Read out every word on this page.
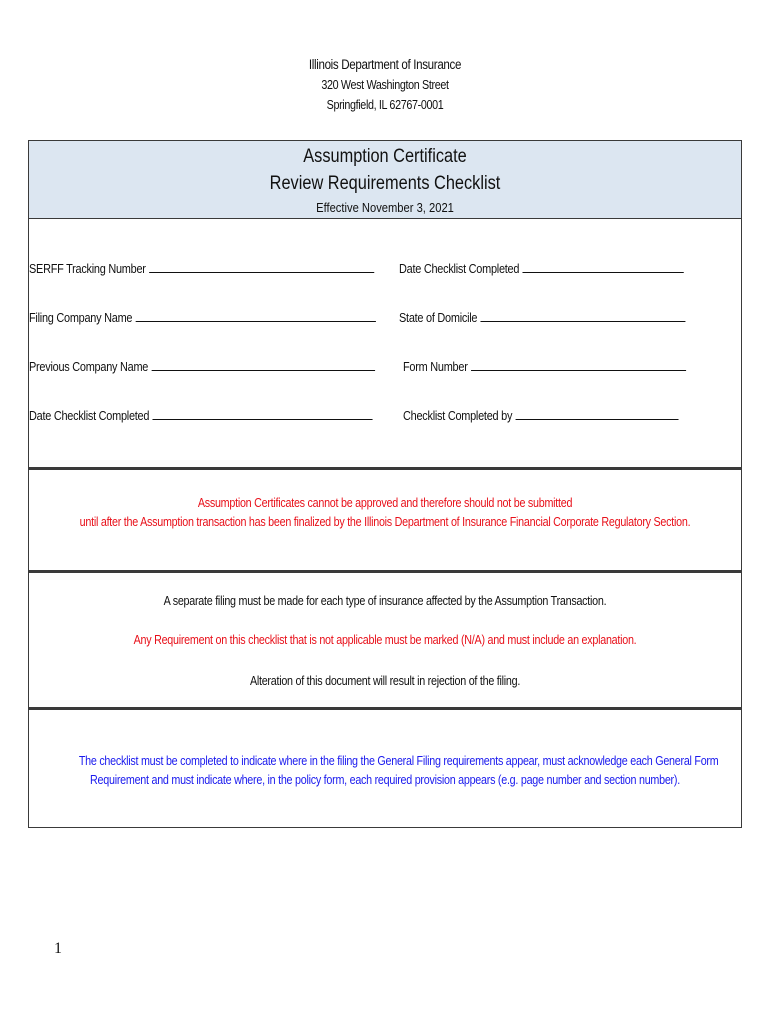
Illinois Department of Insurance
320 West Washington Street
Springfield, IL 62767-0001
Assumption Certificate
Review Requirements Checklist
Effective November 3, 2021
SERFF Tracking Number	Date Checklist Completed
Filing Company Name	State of Domicile
Previous Company Name	Form Number
Date Checklist Completed	Checklist Completed by
Assumption Certificates cannot be approved and therefore should not be submitted
until after the Assumption transaction has been finalized by the Illinois Department of Insurance Financial Corporate Regulatory Section.
A separate filing must be made for each type of insurance affected by the Assumption Transaction.
Any Requirement on this checklist that is not applicable must be marked (N/A) and must include an explanation.
Alteration of this document will result in rejection of the filing.
The checklist must be completed to indicate where in the filing the General Filing requirements appear, must acknowledge each General Form
Requirement and must indicate where, in the policy form, each required provision appears (e.g. page number and section number).
1
